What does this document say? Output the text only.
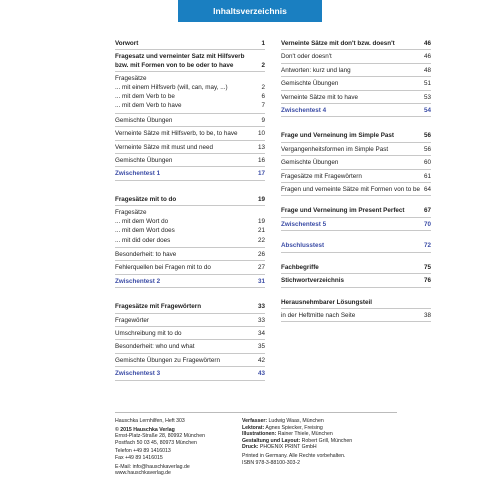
Inhaltsverzeichnis
Vorwort	1
Fragesatz und verneinter Satz mit Hilfsverb bzw. mit Formen von to be oder to have	2
Fragesätze
... mit einem Hilfsverb (will, can, may, ...)	2
... mit dem Verb to be	6
... mit dem Verb to have	7
Gemischte Übungen	9
Verneinte Sätze mit Hilfsverb, to be, to have	10
Verneinte Sätze mit must und need	13
Gemischte Übungen	16
Zwischentest 1	17
Fragesätze mit to do	19
Fragesätze
... mit dem Wort do	19
... mit dem Wort does	21
... mit did oder does	22
Besonderheit: to have	26
Fehlerquellen bei Fragen mit to do	27
Zwischentest 2	31
Fragesätze mit Fragewörtern	33
Fragewörter	33
Umschreibung mit to do	34
Besonderheit: who und what	35
Gemischte Übungen zu Fragewörtern	42
Zwischentest 3	43
Verneinte Sätze mit don't bzw. doesn't	46
Don't oder doesn't	46
Antworten: kurz und lang	48
Gemischte Übungen	51
Verneinte Sätze mit to have	53
Zwischentest 4	54
Frage und Verneinung im Simple Past	56
Vergangenheitsformen im Simple Past	56
Gemischte Übungen	60
Fragesätze mit Fragewörtern	61
Fragen und verneinte Sätze mit Formen von to be 64
Frage und Verneinung im Present Perfect	67
Zwischentest 5	70
Abschlusstest	72
Fachbegriffe	75
Stichwortverzeichnis	76
Herausnehmbarer Lösungsteil
in der Heftmitte nach Seite	38
Hauschka Lernhilfen, Heft 303
© 2015 Hauschka Verlag
Ernst-Platz-Straße 28, 80992 München
Postfach 50 03 45, 80973 München
Telefon +49 89 1416013
Fax +49 89 1416015
E-Mail: info@hauschkaverlag.de
www.hauschkaverlag.de
Verfasser: Ludwig Waas, München
Lektorat: Agnes Spiecker, Freising
Illustrationen: Rainer Thiele, München
Gestaltung und Layout: Robert Grill, München
Druck: PHOENIX PRINT GmbH
Printed in Germany. Alle Rechte vorbehalten.
ISBN 978-3-88100-303-2
